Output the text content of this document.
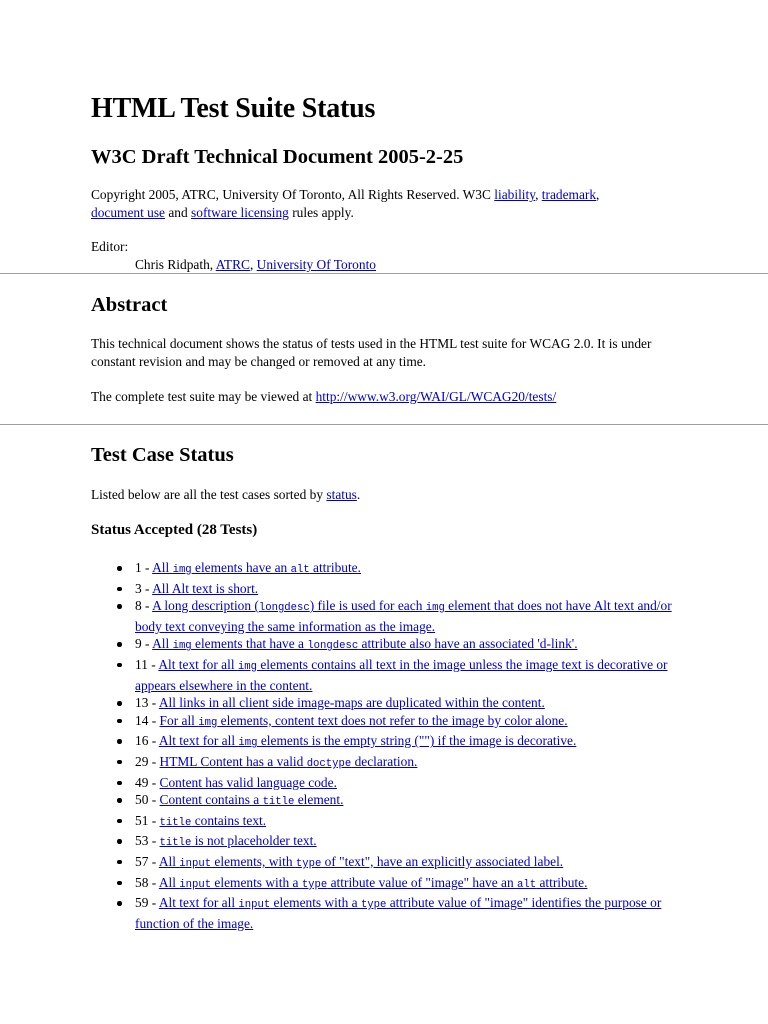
HTML Test Suite Status
W3C Draft Technical Document 2005-2-25

Copyright 2005, ATRC, University Of Toronto, All Rights Reserved. W3C liability, trademark,
document use and software licensing rules apply.

Editor:

Chris Ridpath, ATRC, University Of Toronto

Abstract

This technical document shows the status of tests used in the HTML test suite for WCAG 2.0. It is under constant revision and may be changed or removed at any time.

The complete test suite may be viewed at http://www.w3.org/WAI/GL/WCAG20/tests/

Test Case Status

Listed below are all the test cases sorted by status.

Status Accepted (28 Tests)
1 - All img elements have an alt attribute.
3 - All Alt text is short.
8 - A long description (longdesc) file is used for each img element that does not have Alt text and/or body text conveying the same information as the image.
9 - All img elements that have a longdesc attribute also have an associated 'd-link'.
11 - Alt text for all img elements contains all text in the image unless the image text is decorative or appears elsewhere in the content.
13 - All links in all client side image-maps are duplicated within the content.
14 - For all img elements, content text does not refer to the image by color alone.
16 - Alt text for all img elements is the empty string ("") if the image is decorative.
29 - HTML Content has a valid doctype declaration.
49 - Content has valid language code.
50 - Content contains a title element.
51 - title contains text.
53 - title is not placeholder text.
57 - All input elements, with type of "text", have an explicitly associated label.
58 - All input elements with a type attribute value of "image" have an alt attribute.
59 - Alt text for all input elements with a type attribute value of "image" identifies the purpose or function of the image.
